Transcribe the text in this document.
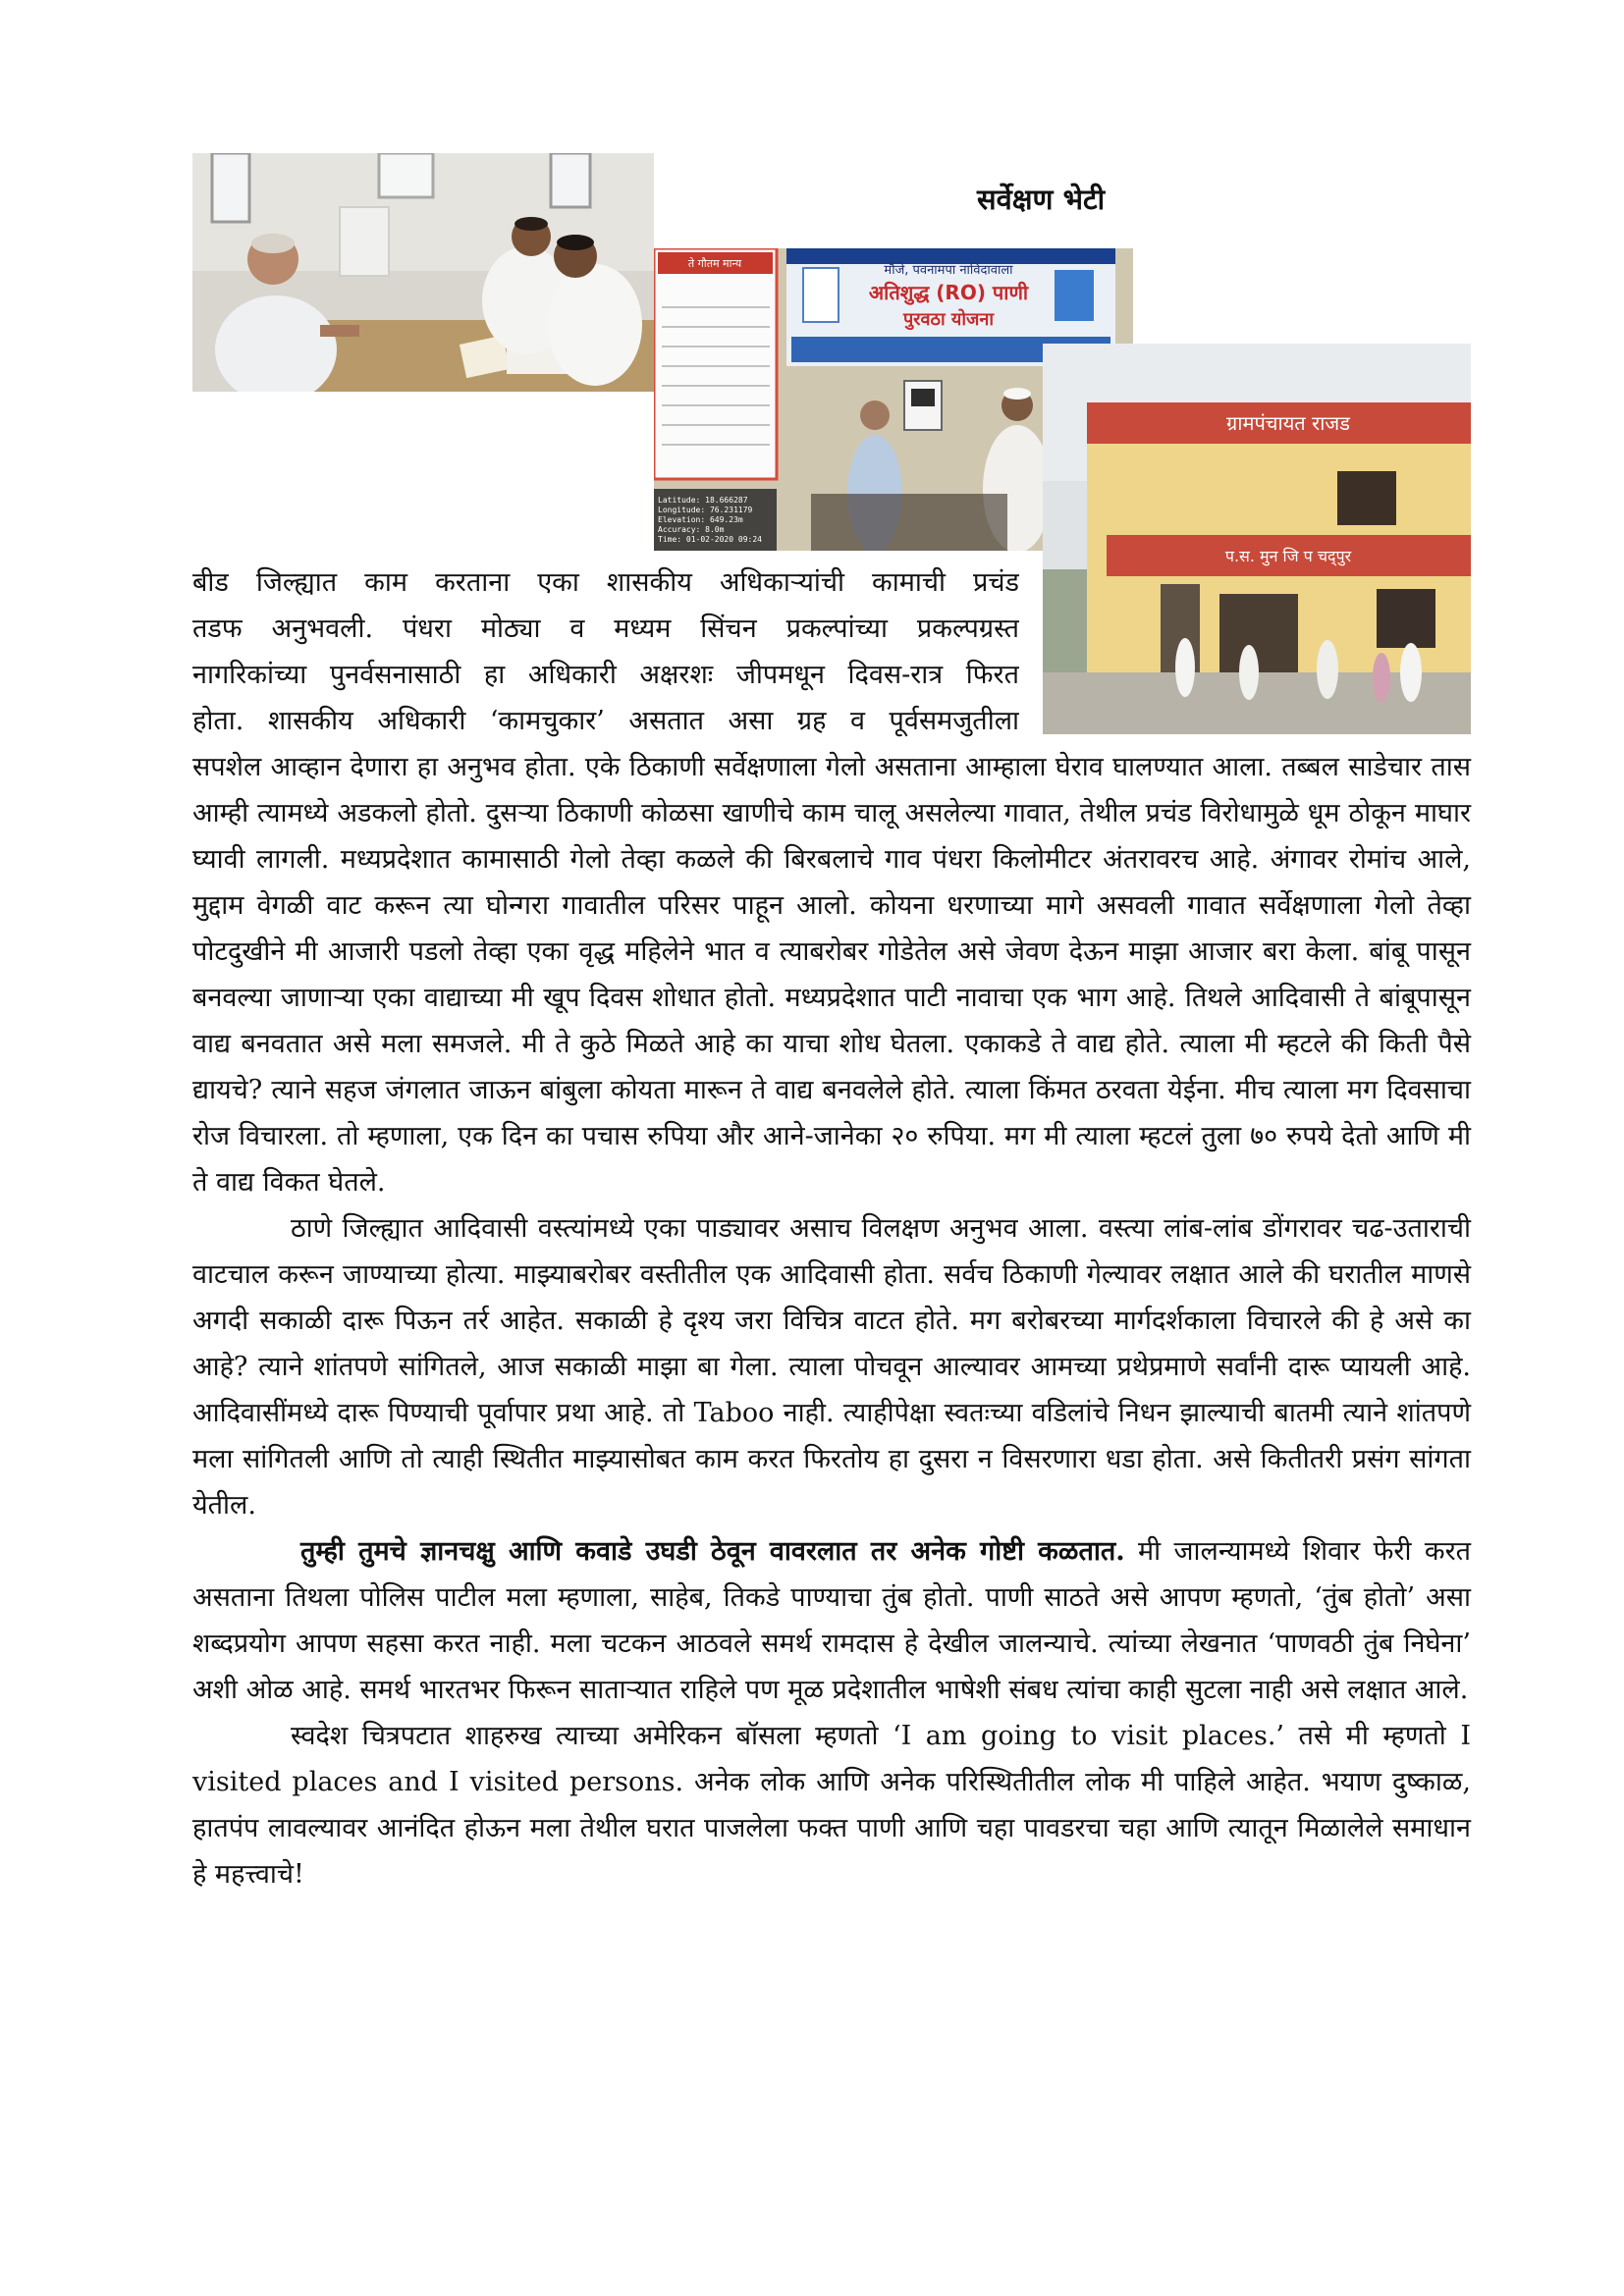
सर्वेक्षण भेटी
मौजे, पवनामपा नाविदावाला
अतिशुद्ध (RO) पाणी
पुरवठा योजना
ते गौतम मान्य
Latitude: 18.666287 Longitude: 76.231179 Elevation: 649.23m Accuracy: 8.0m Time: 01-02-2020 09:24
ग्रामपंचायत राजड
प.स. मुन जि प चद्पुर
बीड जिल्ह्यात काम करताना एका शासकीय अधिकाऱ्यांची कामाची प्रचंड
तडफ अनुभवली. पंधरा मोठ्या व मध्यम सिंचन प्रकल्पांच्या प्रकल्पग्रस्त
नागरिकांच्या पुनर्वसनासाठी हा अधिकारी अक्षरशः जीपमधून दिवस-रात्र फिरत
होता. शासकीय अधिकारी ‘कामचुकार’ असतात असा ग्रह व पूर्वसमजुतीला

सपशेल आव्हान देणारा हा अनुभव होता. एके ठिकाणी सर्वेक्षणाला गेलो असताना आम्हाला घेराव घालण्यात आला. तब्बल साडेचार तास आम्ही त्यामध्ये अडकलो होतो. दुसऱ्या ठिकाणी कोळसा खाणीचे काम चालू असलेल्या गावात, तेथील प्रचंड विरोधामुळे धूम ठोकून माघार घ्यावी लागली. मध्यप्रदेशात कामासाठी गेलो तेव्हा कळले की बिरबलाचे गाव पंधरा किलोमीटर अंतरावरच आहे. अंगावर रोमांच आले, मुद्दाम वेगळी वाट करून त्या घोन्गरा गावातील परिसर पाहून आलो. कोयना धरणाच्या मागे असवली गावात सर्वेक्षणाला गेलो तेव्हा पोटदुखीने मी आजारी पडलो तेव्हा एका वृद्ध महिलेने भात व त्याबरोबर गोडेतेल असे जेवण देऊन माझा आजार बरा केला. बांबू पासून बनवल्या जाणाऱ्या एका वाद्याच्या मी खूप दिवस शोधात होतो. मध्यप्रदेशात पाटी नावाचा एक भाग आहे. तिथले आदिवासी ते बांबूपासून वाद्य बनवतात असे मला समजले. मी ते कुठे मिळते आहे का याचा शोध घेतला. एकाकडे ते वाद्य होते. त्याला मी म्हटले की किती पैसे द्यायचे? त्याने सहज जंगलात जाऊन बांबुला कोयता मारून ते वाद्य बनवलेले होते. त्याला किंमत ठरवता येईना. मीच त्याला मग दिवसाचा रोज विचारला. तो म्हणाला, एक दिन का पचास रुपिया और आने-जानेका २० रुपिया. मग मी त्याला म्हटलं तुला ७० रुपये देतो आणि मी ते वाद्य विकत घेतले.

ठाणे जिल्ह्यात आदिवासी वस्त्यांमध्ये एका पाड्यावर असाच विलक्षण अनुभव आला. वस्त्या लांब-लांब डोंगरावर चढ-उताराची वाटचाल करून जाण्याच्या होत्या. माझ्याबरोबर वस्तीतील एक आदिवासी होता. सर्वच ठिकाणी गेल्यावर लक्षात आले की घरातील माणसे अगदी सकाळी दारू पिऊन तर्र आहेत. सकाळी हे दृश्य जरा विचित्र वाटत होते. मग बरोबरच्या मार्गदर्शकाला विचारले की हे असे का आहे? त्याने शांतपणे सांगितले, आज सकाळी माझा बा गेला. त्याला पोचवून आल्यावर आमच्या प्रथेप्रमाणे सर्वांनी दारू प्यायली आहे. आदिवासींमध्ये दारू पिण्याची पूर्वापार प्रथा आहे. तो Taboo नाही. त्याहीपेक्षा स्वतःच्या वडिलांचे निधन झाल्याची बातमी त्याने शांतपणे मला सांगितली आणि तो त्याही स्थितीत माझ्यासोबत काम करत फिरतोय हा दुसरा न विसरणारा धडा होता. असे कितीतरी प्रसंग सांगता येतील.

तुम्ही तुमचे ज्ञानचक्षु आणि कवाडे उघडी ठेवून वावरलात तर अनेक गोष्टी कळतात. मी जालन्यामध्ये शिवार फेरी करत असताना तिथला पोलिस पाटील मला म्हणाला, साहेब, तिकडे पाण्याचा तुंब होतो. पाणी साठते असे आपण म्हणतो, ‘तुंब होतो’ असा शब्दप्रयोग आपण सहसा करत नाही. मला चटकन आठवले समर्थ रामदास हे देखील जालन्याचे. त्यांच्या लेखनात ‘पाणवठी तुंब निघेना’ अशी ओळ आहे. समर्थ भारतभर फिरून साताऱ्यात राहिले पण मूळ प्रदेशातील भाषेशी संबध त्यांचा काही सुटला नाही असे लक्षात आले.

स्वदेश चित्रपटात शाहरुख त्याच्या अमेरिकन बॉसला म्हणतो ‘I am going to visit places.’ तसे मी म्हणतो I visited places and I visited persons. अनेक लोक आणि अनेक परिस्थितीतील लोक मी पाहिले आहेत. भयाण दुष्काळ, हातपंप लावल्यावर आनंदित होऊन मला तेथील घरात पाजलेला फक्त पाणी आणि चहा पावडरचा चहा आणि त्यातून मिळालेले समाधान हे महत्त्वाचे!
